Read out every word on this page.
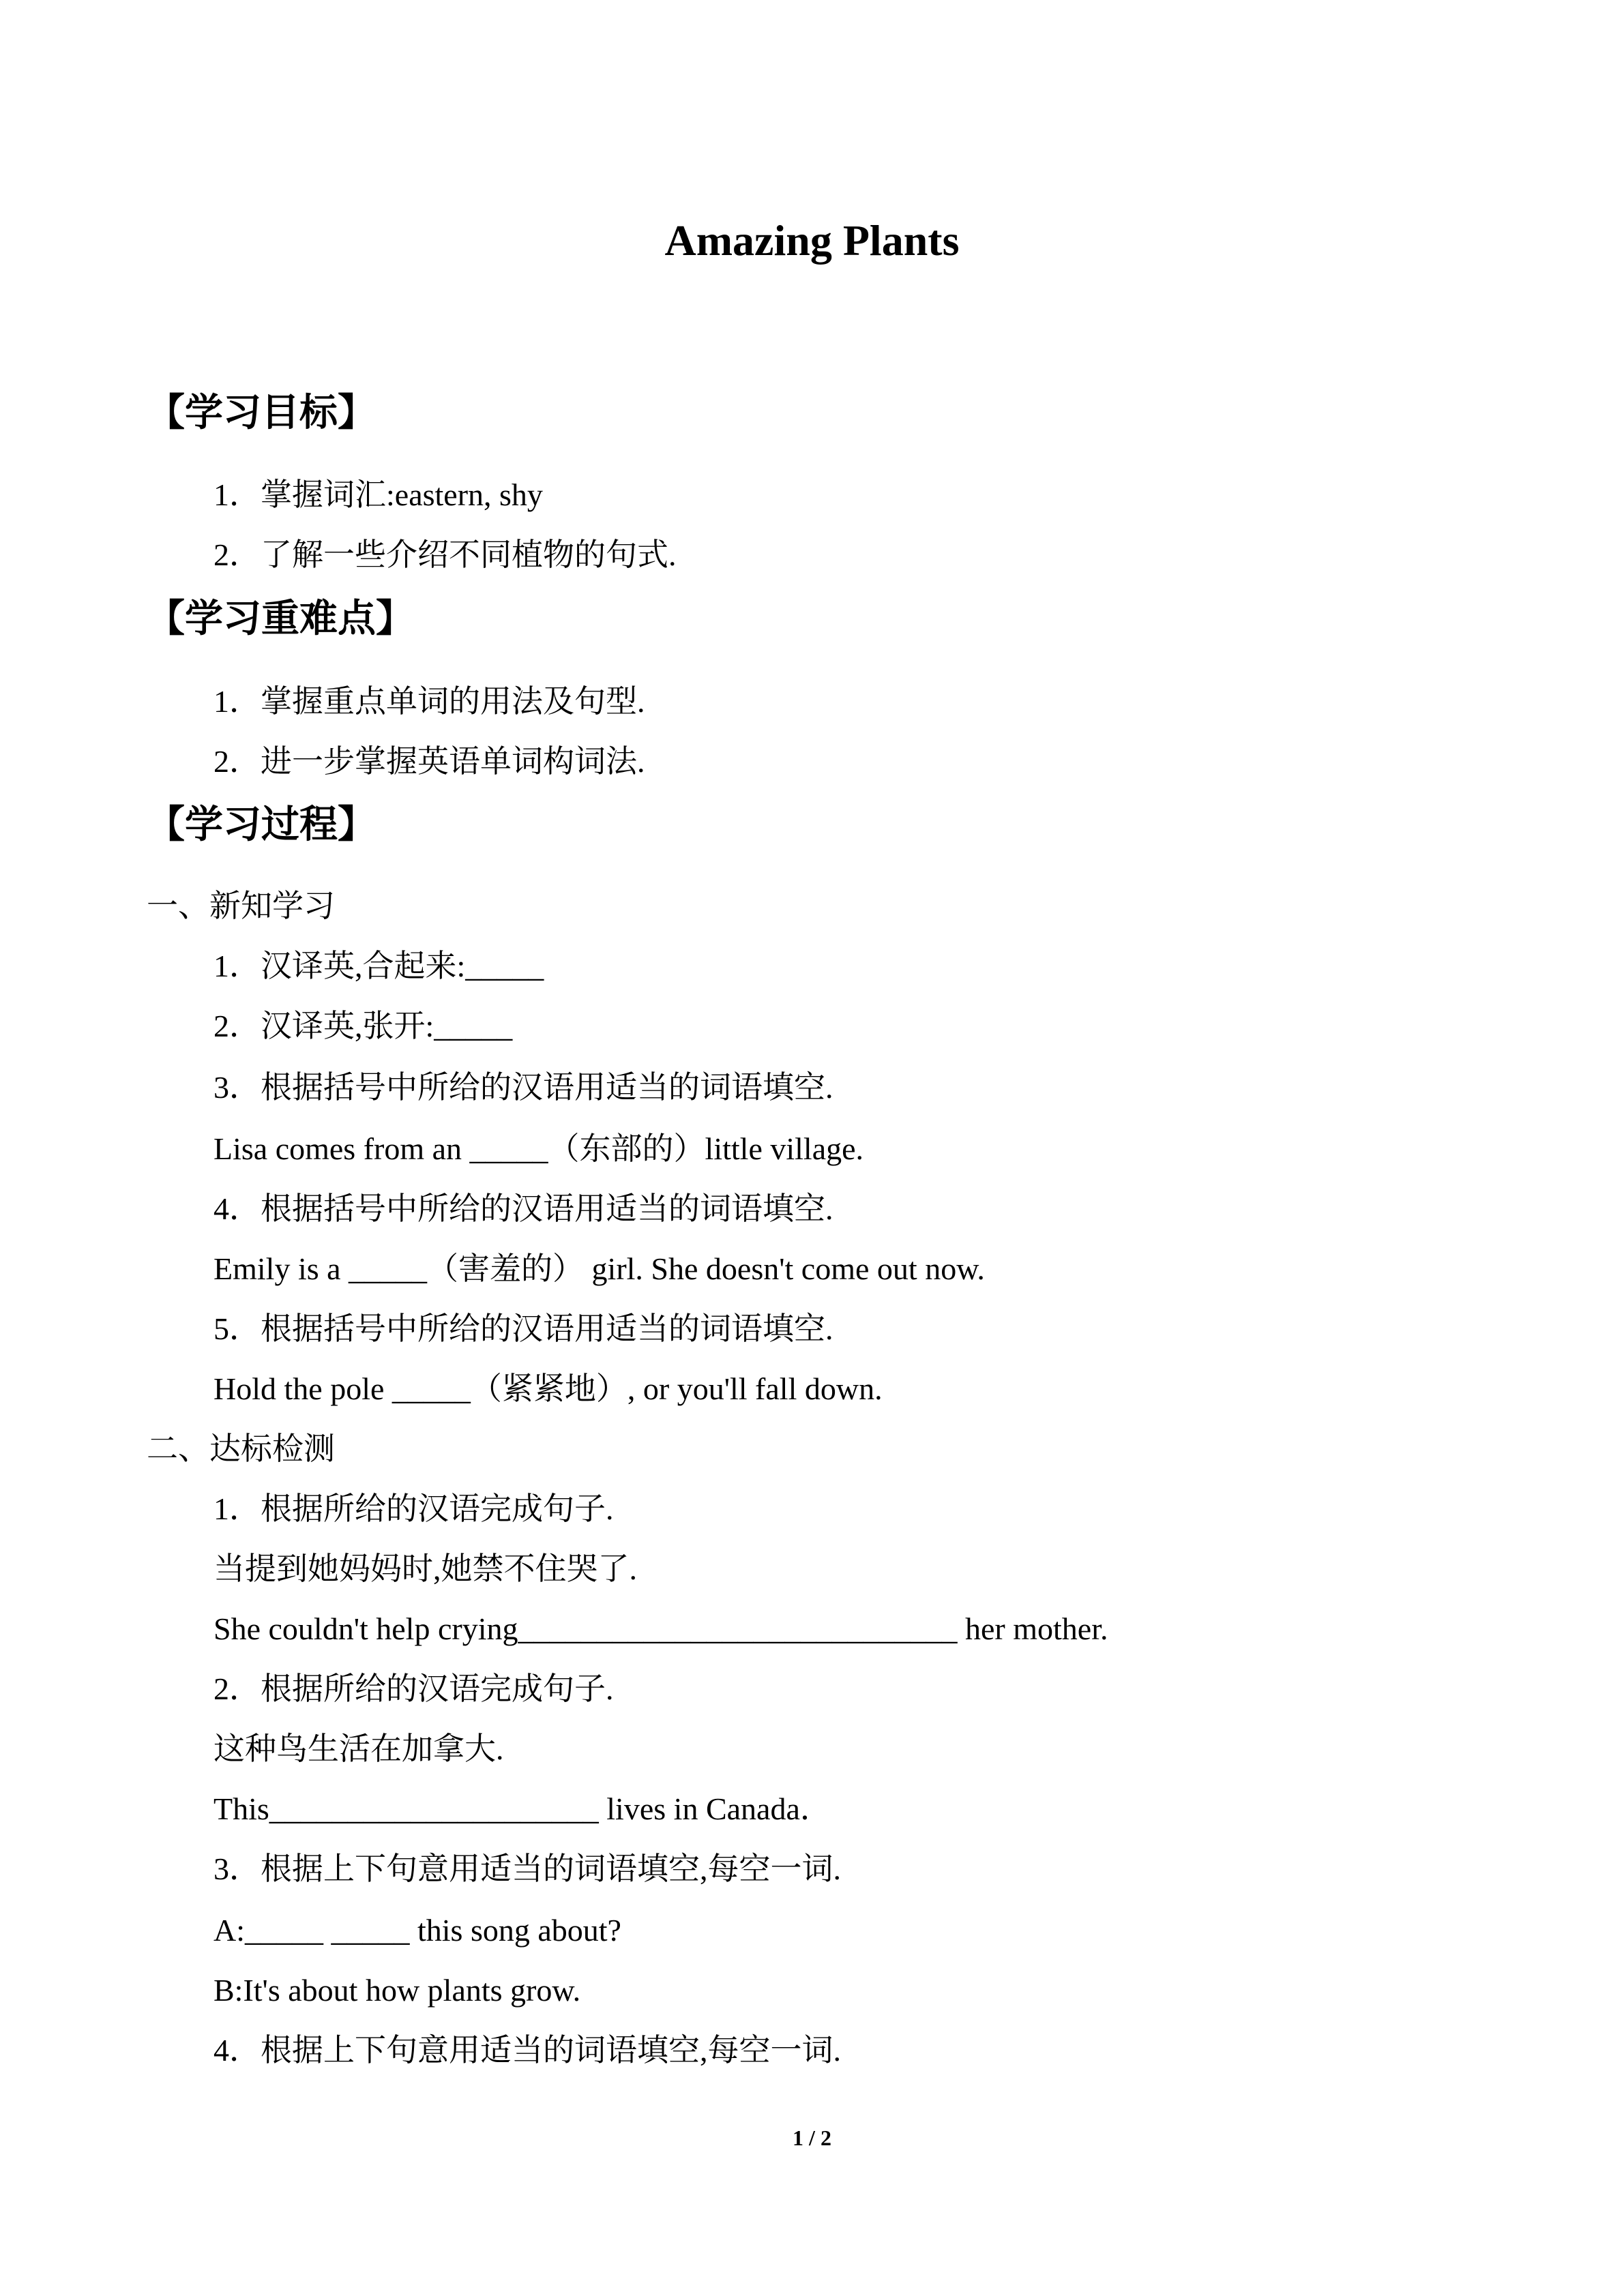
Amazing Plants
【学习目标】
1．掌握词汇:eastern, shy
2．了解一些介绍不同植物的句式.
【学习重难点】
1．掌握重点单词的用法及句型.
2．进一步掌握英语单词构词法.
【学习过程】
一、新知学习
1．汉译英,合起来:_____
2．汉译英,张开:_____
3．根据括号中所给的汉语用适当的词语填空.
Lisa comes from an _____（东部的）little village.
4．根据括号中所给的汉语用适当的词语填空.
Emily is a _____（害羞的） girl. She doesn't come out now.
5．根据括号中所给的汉语用适当的词语填空.
Hold the pole _____（紧紧地）, or you'll fall down.
二、达标检测
1．根据所给的汉语完成句子.
当提到她妈妈时,她禁不住哭了.
She couldn't help crying____________________________ her mother.
2．根据所给的汉语完成句子.
这种鸟生活在加拿大.
This_____________________ lives in Canada．
3．根据上下句意用适当的词语填空,每空一词.
A:_____ _____ this song about?
B:It's about how plants grow.
4．根据上下句意用适当的词语填空,每空一词.
1 / 2
